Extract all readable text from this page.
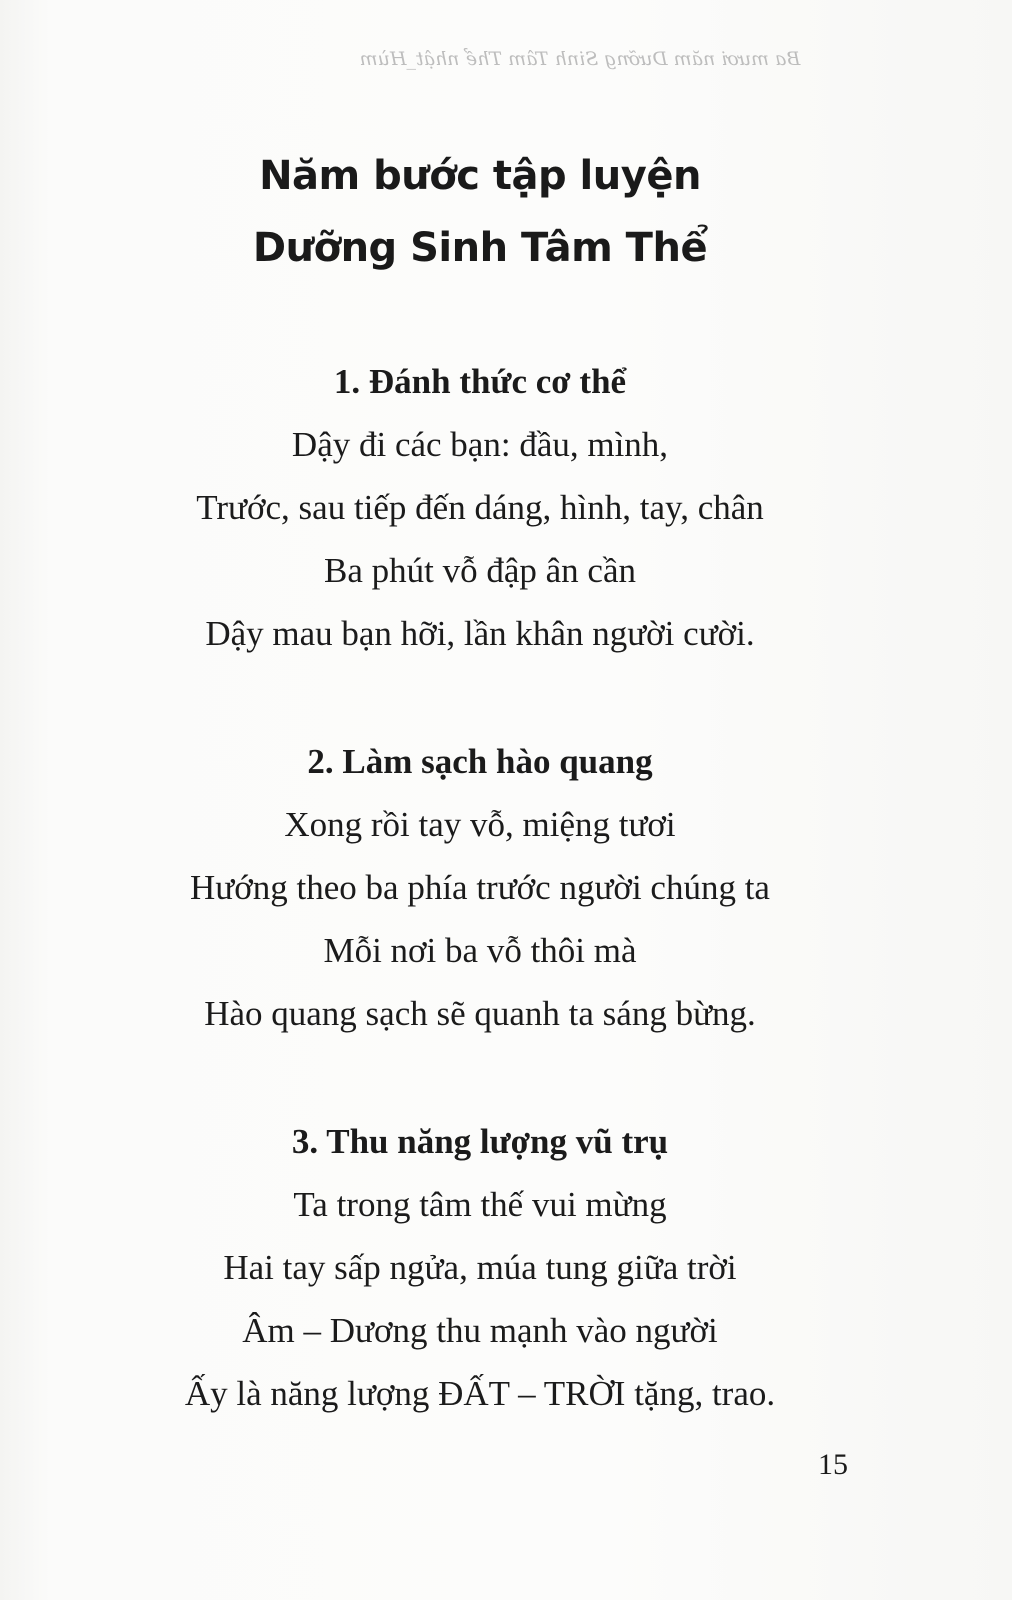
Ba mươi năm Dưỡng Sinh Tâm Thể nhật_Hùm
Năm bước tập luyện
Dưỡng Sinh Tâm Thể
1. Đánh thức cơ thể
Dậy đi các bạn: đầu, mình,
Trước, sau tiếp đến dáng, hình, tay, chân
Ba phút vỗ đập ân cần
Dậy mau bạn hỡi, lần khân người cười.
2. Làm sạch hào quang
Xong rồi tay vỗ, miệng tươi
Hướng theo ba phía trước người chúng ta
Mỗi nơi ba vỗ thôi mà
Hào quang sạch sẽ quanh ta sáng bừng.
3. Thu năng lượng vũ trụ
Ta trong tâm thế vui mừng
Hai tay sấp ngửa, múa tung giữa trời
Âm – Dương thu mạnh vào người
Ấy là năng lượng ĐẤT – TRỜI tặng, trao.
15
